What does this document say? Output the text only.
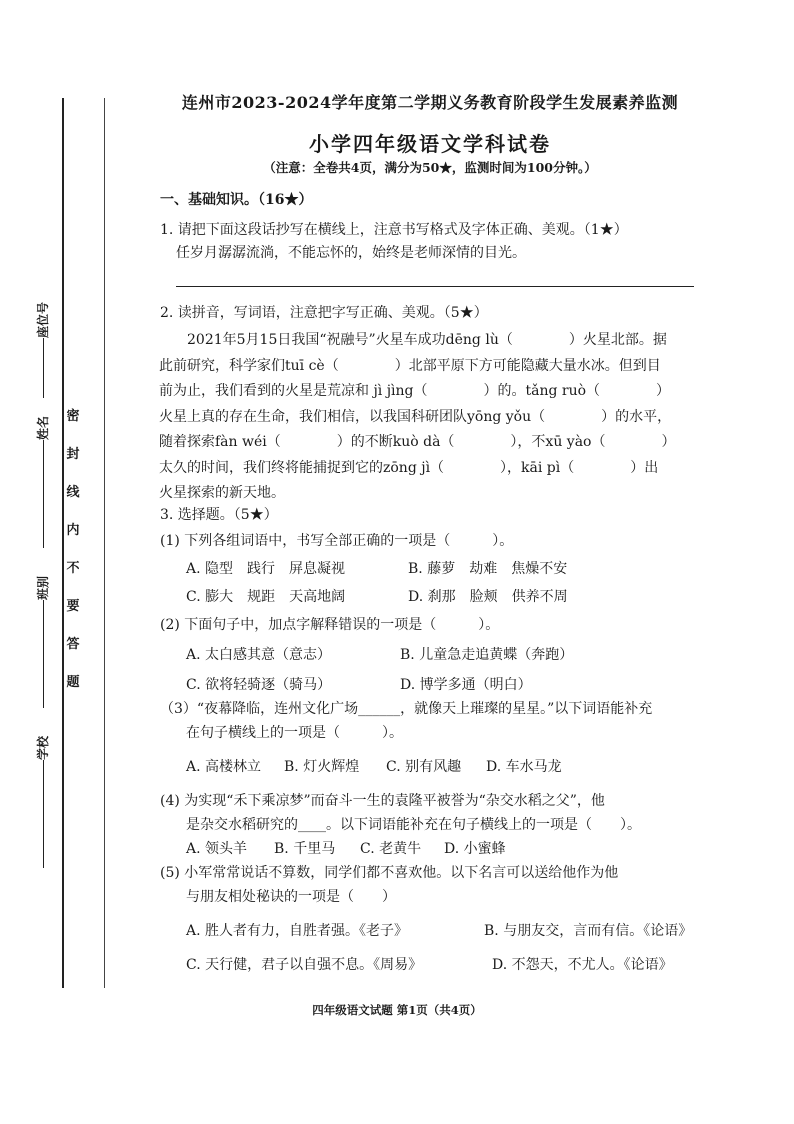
密
封
线
内
不
要
答
题
座位号
姓名
班别
学校
连州市2023-2024学年度第二学期义务教育阶段学生发展素养监测
小学四年级语文学科试卷
（注意：全卷共4页，满分为50★，监测时间为100分钟。）
一、基础知识。（16★）
1. 请把下面这段话抄写在横线上，注意书写格式及字体正确、美观。（1★）
任岁月潺潺流淌，不能忘怀的，始终是老师深情的目光。
2. 读拼音，写词语，注意把字写正确、美观。（5★）
2021年5月15日我国“祝融号”火星车成功dēng lù（　　　　）火星北部。据
此前研究，科学家们tuī cè（　　　　）北部平原下方可能隐藏大量水冰。但到目
前为止，我们看到的火星是荒凉和 jì jìng（　　　　）的。tǎng ruò（　　　　）
火星上真的存在生命，我们相信，以我国科研团队yōng yǒu（　　　　）的水平，
随着探索fàn wéi（　　　　）的不断kuò dà（　　　　），不xū yào（　　　　）
太久的时间，我们终将能捕捉到它的zōng jì（　　　　），kāi pì（　　　　）出
火星探索的新天地。
3. 选择题。（5★）
(1) 下列各组词语中，书写全部正确的一项是（　　　）。
A. 隐型　践行　屏息凝视	B. 藤萝　劫难　焦燥不安
C. 膨大　规距　天高地阔	D. 刹那　脸颊　供养不周
(2) 下面句子中，加点字解释错误的一项是（　　　）。
A. 太白感其意（意志）	B. 儿童急走追黄蝶（奔跑）
C. 欲将轻骑逐（骑马）	D. 博学多通（明白）
（3）“夜幕降临，连州文化广场______，就像天上璀璨的星星。”以下词语能补充
在句子横线上的一项是（　　　）。
A. 高楼林立 B. 灯火辉煌 C. 别有风趣 D. 车水马龙
(4) 为实现“禾下乘凉梦”而奋斗一生的袁隆平被誉为“杂交水稻之父”，他
是杂交水稻研究的____。以下词语能补充在句子横线上的一项是（　　）。
A. 领头羊 B. 千里马 C. 老黄牛 D. 小蜜蜂
(5) 小军常常说话不算数，同学们都不喜欢他。以下名言可以送给他作为他
与朋友相处秘诀的一项是（　　）
A. 胜人者有力，自胜者强。《老子》	B. 与朋友交，言而有信。《论语》
C. 天行健，君子以自强不息。《周易》	D. 不怨天，不尤人。《论语》
四年级语文试题 第1页（共4页）
